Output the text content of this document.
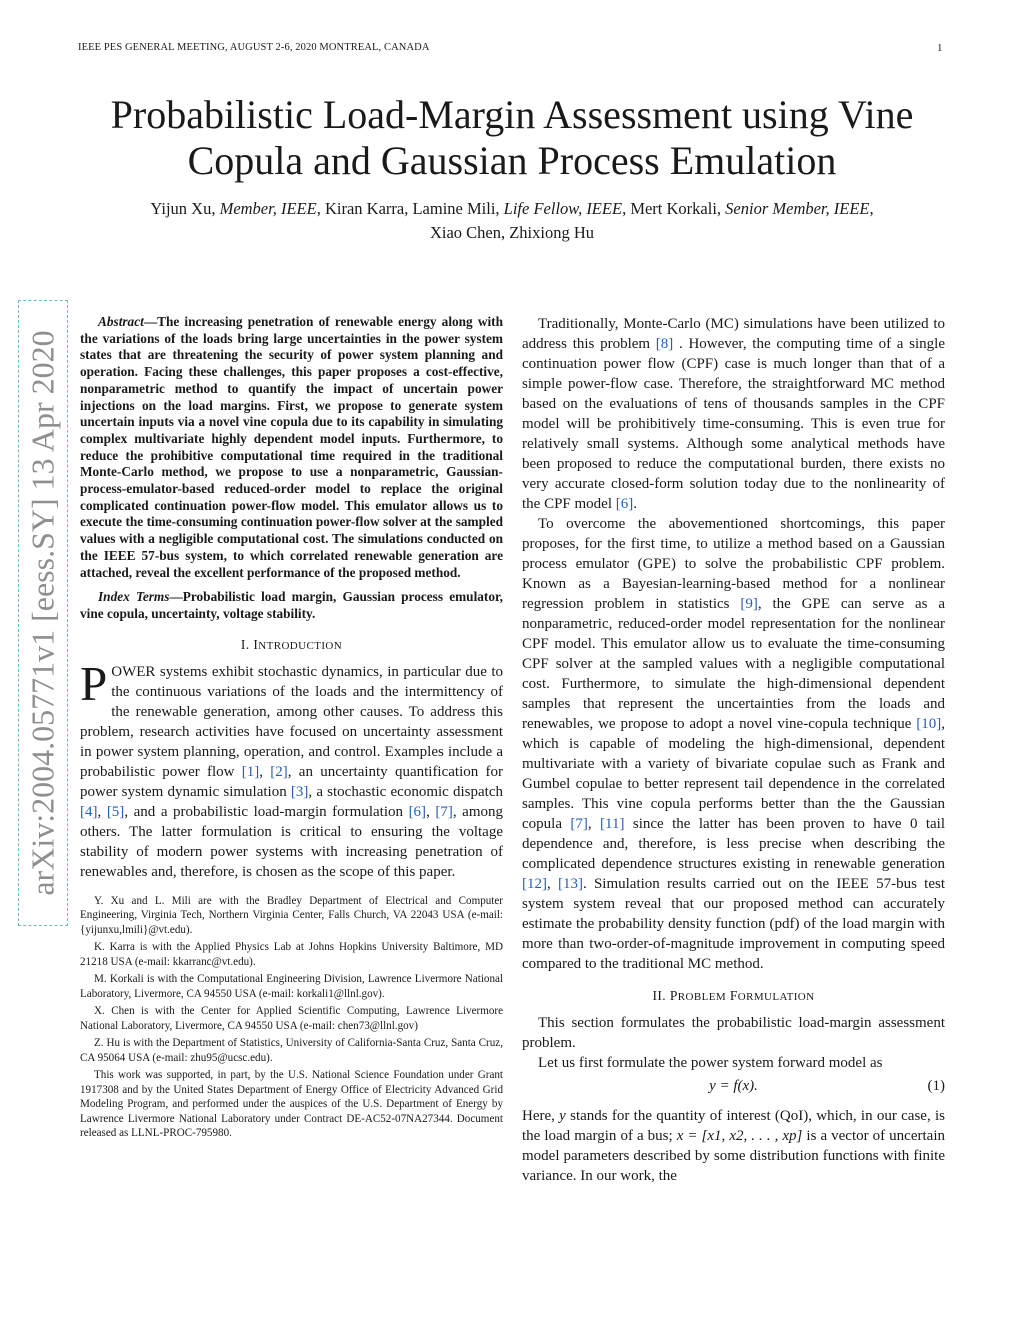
IEEE PES GENERAL MEETING, AUGUST 2-6, 2020 MONTREAL, CANADA	1
Probabilistic Load-Margin Assessment using Vine Copula and Gaussian Process Emulation
Yijun Xu, Member, IEEE, Kiran Karra, Lamine Mili, Life Fellow, IEEE, Mert Korkali, Senior Member, IEEE,
Xiao Chen, Zhixiong Hu
arXiv:2004.05771v1 [eess.SY] 13 Apr 2020

Abstract—The increasing penetration of renewable energy along with the variations of the loads bring large uncertainties in the power system states that are threatening the security of power system planning and operation. Facing these challenges, this paper proposes a cost-effective, nonparametric method to quantify the impact of uncertain power injections on the load margins. First, we propose to generate system uncertain inputs via a novel vine copula due to its capability in simulating complex multivariate highly dependent model inputs. Furthermore, to reduce the prohibitive computational time required in the traditional Monte-Carlo method, we propose to use a nonparametric, Gaussian-process-emulator-based reduced-order model to replace the original complicated continuation power-flow model. This emulator allows us to execute the time-consuming continuation power-flow solver at the sampled values with a negligible computational cost. The simulations conducted on the IEEE 57-bus system, to which correlated renewable generation are attached, reveal the excellent performance of the proposed method.

Index Terms—Probabilistic load margin, Gaussian process emulator, vine copula, uncertainty, voltage stability.

I. INTRODUCTION

POWER systems exhibit stochastic dynamics, in particular due to the continuous variations of the loads and the intermittency of the renewable generation, among other causes. To address this problem, research activities have focused on uncertainty assessment in power system planning, operation, and control. Examples include a probabilistic power flow [1], [2], an uncertainty quantification for power system dynamic simulation [3], a stochastic economic dispatch [4], [5], and a probabilistic load-margin formulation [6], [7], among others. The latter formulation is critical to ensuring the voltage stability of modern power systems with increasing penetration of renewables and, therefore, is chosen as the scope of this paper.

Y. Xu and L. Mili are with the Bradley Department of Electrical and Computer Engineering, Virginia Tech, Northern Virginia Center, Falls Church, VA 22043 USA (e-mail:{yijunxu,lmili}@vt.edu).

K. Karra is with the Applied Physics Lab at Johns Hopkins University Baltimore, MD 21218 USA (e-mail: kkarranc@vt.edu).

M. Korkali is with the Computational Engineering Division, Lawrence Livermore National Laboratory, Livermore, CA 94550 USA (e-mail: korkali1@llnl.gov).

X. Chen is with the Center for Applied Scientific Computing, Lawrence Livermore National Laboratory, Livermore, CA 94550 USA (e-mail: chen73@llnl.gov)

Z. Hu is with the Department of Statistics, University of California-Santa Cruz, Santa Cruz, CA 95064 USA (e-mail: zhu95@ucsc.edu).

This work was supported, in part, by the U.S. National Science Foundation under Grant 1917308 and by the United States Department of Energy Office of Electricity Advanced Grid Modeling Program, and performed under the auspices of the U.S. Department of Energy by Lawrence Livermore National Laboratory under Contract DE-AC52-07NA27344. Document released as LLNL-PROC-795980.

Traditionally, Monte-Carlo (MC) simulations have been utilized to address this problem [8] . However, the computing time of a single continuation power flow (CPF) case is much longer than that of a simple power-flow case. Therefore, the straightforward MC method based on the evaluations of tens of thousands samples in the CPF model will be prohibitively time-consuming. This is even true for relatively small systems. Although some analytical methods have been proposed to reduce the computational burden, there exists no very accurate closed-form solution today due to the nonlinearity of the CPF model [6].

To overcome the abovementioned shortcomings, this paper proposes, for the first time, to utilize a method based on a Gaussian process emulator (GPE) to solve the probabilistic CPF problem. Known as a Bayesian-learning-based method for a nonlinear regression problem in statistics [9], the GPE can serve as a nonparametric, reduced-order model representation for the nonlinear CPF model. This emulator allow us to evaluate the time-consuming CPF solver at the sampled values with a negligible computational cost. Furthermore, to simulate the high-dimensional dependent samples that represent the uncertainties from the loads and renewables, we propose to adopt a novel vine-copula technique [10], which is capable of modeling the high-dimensional, dependent multivariate with a variety of bivariate copulae such as Frank and Gumbel copulae to better represent tail dependence in the correlated samples. This vine copula performs better than the the Gaussian copula [7], [11] since the latter has been proven to have 0 tail dependence and, therefore, is less precise when describing the complicated dependence structures existing in renewable generation [12], [13]. Simulation results carried out on the IEEE 57-bus test system system reveal that our proposed method can accurately estimate the probability density function (pdf) of the load margin with more than two-order-of-magnitude improvement in computing speed compared to the traditional MC method.

II. PROBLEM FORMULATION

This section formulates the probabilistic load-margin assessment problem.

Let us first formulate the power system forward model as

y = f(x).	(1)

Here, y stands for the quantity of interest (QoI), which, in our case, is the load margin of a bus; x = [x1, x2, . . . , xp] is a vector of uncertain model parameters described by some distribution functions with finite variance. In our work, the
